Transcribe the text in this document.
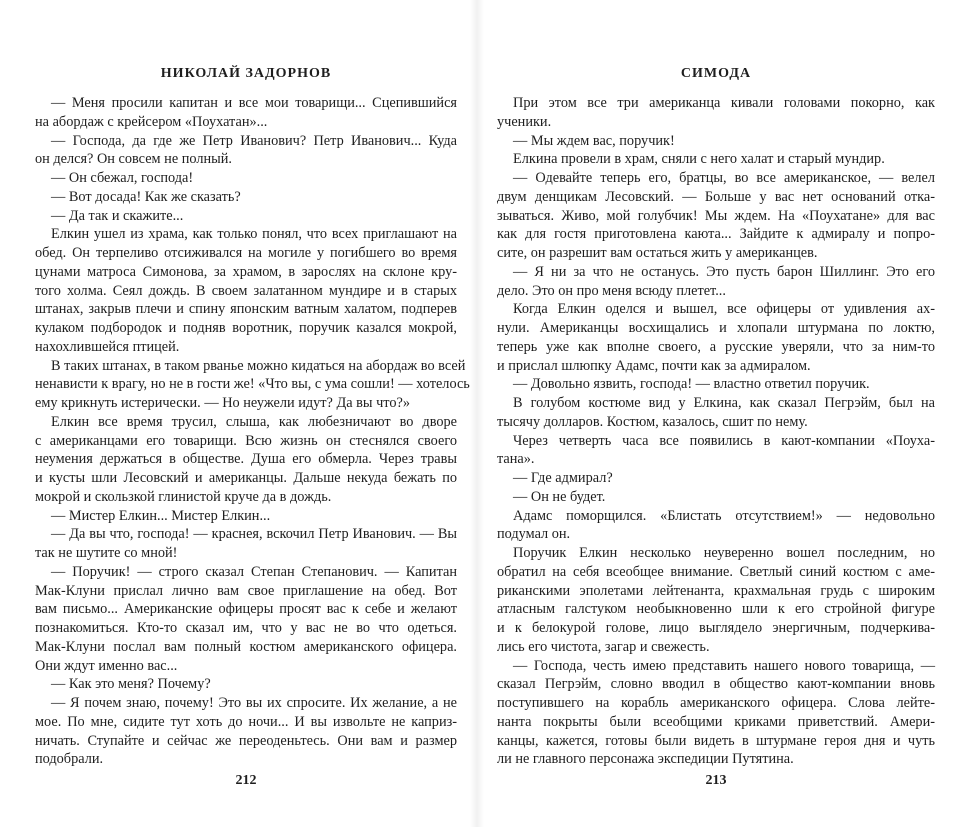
НИКОЛАЙ ЗАДОРНОВ
— Меня просили капитан и все мои товарищи... Сцепившийся
на абордаж с крейсером «Поухатан»...
— Господа, да где же Петр Иванович? Петр Иванович... Куда
он делся? Он совсем не полный.
— Он сбежал, господа!
— Вот досада! Как же сказать?
— Да так и скажите...
Елкин ушел из храма, как только понял, что всех приглашают на
обед. Он терпеливо отсиживался на могиле у погибшего во время
цунами матроса Симонова, за храмом, в зарослях на склоне кру-
того холма. Сеял дождь. В своем залатанном мундире и в старых
штанах, закрыв плечи и спину японским ватным халатом, подперев
кулаком подбородок и подняв воротник, поручик казался мокрой,
нахохлившейся птицей.
В таких штанах, в таком рванье можно кидаться на абордаж во всей
ненависти к врагу, но не в гости же! «Что вы, с ума сошли! — хотелось
ему крикнуть истерически. — Но неужели идут? Да вы что?»
Елкин все время трусил, слыша, как любезничают во дворе
с американцами его товарищи. Всю жизнь он стеснялся своего
неумения держаться в обществе. Душа его обмерла. Через травы
и кусты шли Лесовский и американцы. Дальше некуда бежать по
мокрой и скользкой глинистой круче да в дождь.
— Мистер Елкин... Мистер Елкин...
— Да вы что, господа! — краснея, вскочил Петр Иванович. — Вы
так не шутите со мной!
— Поручик! — строго сказал Степан Степанович. — Капитан
Мак-Клуни прислал лично вам свое приглашение на обед. Вот
вам письмо... Американские офицеры просят вас к себе и желают
познакомиться. Кто-то сказал им, что у вас не во что одеться.
Мак-Клуни послал вам полный костюм американского офицера.
Они ждут именно вас...
— Как это меня? Почему?
— Я почем знаю, почему! Это вы их спросите. Их желание, а не
мое. По мне, сидите тут хоть до ночи... И вы извольте не каприз-
ничать. Ступайте и сейчас же переоденьтесь. Они вам и размер
подобрали.
212
СИМОДА
При этом все три американца кивали головами покорно, как
ученики.
— Мы ждем вас, поручик!
Елкина провели в храм, сняли с него халат и старый мундир.
— Одевайте теперь его, братцы, во все американское, — велел
двум денщикам Лесовский. — Больше у вас нет оснований отка-
зываться. Живо, мой голубчик! Мы ждем. На «Поухатане» для вас
как для гостя приготовлена каюта... Зайдите к адмиралу и попро-
сите, он разрешит вам остаться жить у американцев.
— Я ни за что не останусь. Это пусть барон Шиллинг. Это его
дело. Это он про меня всюду плетет...
Когда Елкин оделся и вышел, все офицеры от удивления ах-
нули. Американцы восхищались и хлопали штурмана по локтю,
теперь уже как вполне своего, а русские уверяли, что за ним-то
и прислал шлюпку Адамс, почти как за адмиралом.
— Довольно язвить, господа! — властно ответил поручик.
В голубом костюме вид у Елкина, как сказал Пегрэйм, был на
тысячу долларов. Костюм, казалось, сшит по нему.
Через четверть часа все появились в кают-компании «Поуха-
тана».
— Где адмирал?
— Он не будет.
Адамс поморщился. «Блистать отсутствием!» — недовольно
подумал он.
Поручик Елкин несколько неуверенно вошел последним, но
обратил на себя всеобщее внимание. Светлый синий костюм с аме-
риканскими эполетами лейтенанта, крахмальная грудь с широким
атласным галстуком необыкновенно шли к его стройной фигуре
и к белокурой голове, лицо выглядело энергичным, подчеркива-
лись его чистота, загар и свежесть.
— Господа, честь имею представить нашего нового товарища, —
сказал Пегрэйм, словно вводил в общество кают-компании вновь
поступившего на корабль американского офицера. Слова лейте-
нанта покрыты были всеобщими криками приветствий. Амери-
канцы, кажется, готовы были видеть в штурмане героя дня и чуть
ли не главного персонажа экспедиции Путятина.
213
